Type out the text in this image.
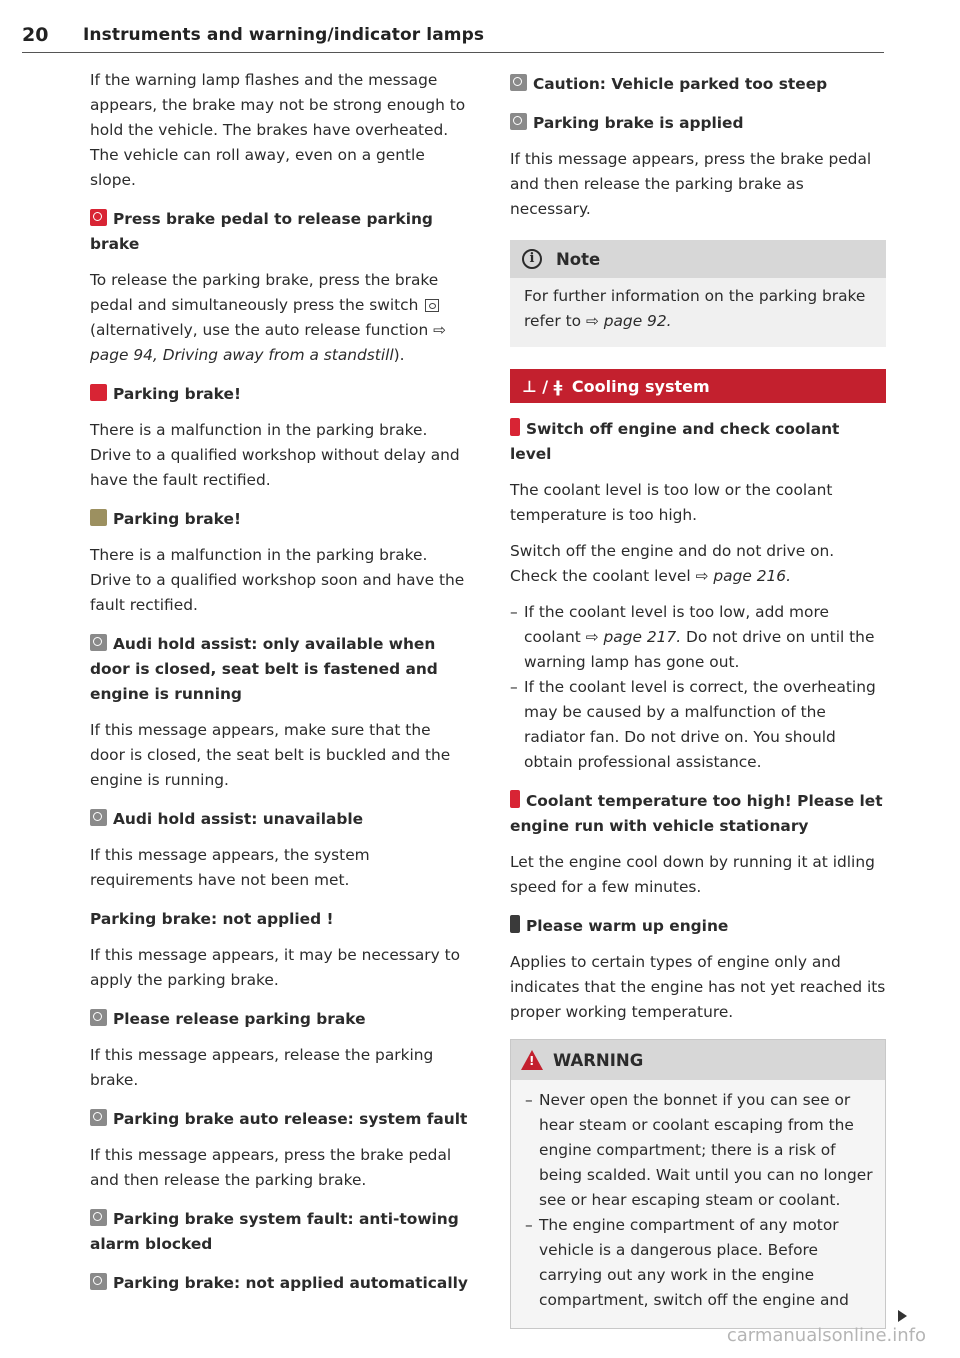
20 Instruments and warning/indicator lamps

If the warning lamp flashes and the message appears, the brake may not be strong enough to hold the vehicle. The brakes have overheated. The vehicle can roll away, even on a gentle slope.

Press brake pedal to release parking brake

To release the parking brake, press the brake pedal and simultaneously press the switch  (alternatively, use the auto release function ⇨ page 94, Driving away from a standstill).

Parking brake!

There is a malfunction in the parking brake. Drive to a qualified workshop without delay and have the fault rectified.

Parking brake!

There is a malfunction in the parking brake. Drive to a qualified workshop soon and have the fault rectified.

Audi hold assist: only available when door is closed, seat belt is fastened and engine is running

If this message appears, make sure that the door is closed, the seat belt is buckled and the engine is running.

Audi hold assist: unavailable

If this message appears, the system requirements have not been met.

Parking brake: not applied !

If this message appears, it may be necessary to apply the parking brake.

Please release parking brake

If this message appears, release the parking brake.

Parking brake auto release: system fault

If this message appears, press the brake pedal and then release the parking brake.

Parking brake system fault: anti-towing alarm blocked

Parking brake: not applied automatically

Caution: Vehicle parked too steep

Parking brake is applied

If this message appears, press the brake pedal and then release the parking brake as necessary.

i	Note

For further information on the parking brake refer to ⇨ page 92.

⊥ / ǂ
Cooling system

Switch off engine and check coolant level

The coolant level is too low or the coolant temperature is too high.

Switch off the engine and do not drive on. Check the coolant level ⇨ page 216.

– If the coolant level is too low, add more coolant ⇨ page 217. Do not drive on until the warning lamp has gone out.
– If the coolant level is correct, the overheating may be caused by a malfunction of the radiator fan. Do not drive on. You should obtain professional assistance.

Coolant temperature too high! Please let engine run with vehicle stationary

Let the engine cool down by running it at idling speed for a few minutes.

Please warm up engine

Applies to certain types of engine only and indicates that the engine has not yet reached its proper working temperature.

!
WARNING
– Never open the bonnet if you can see or hear steam or coolant escaping from the engine compartment; there is a risk of being scalded. Wait until you can no longer see or hear escaping steam or coolant.
– The engine compartment of any motor vehicle is a dangerous place. Before carrying out any work in the engine compartment, switch off the engine and
carmanualsonline.info
